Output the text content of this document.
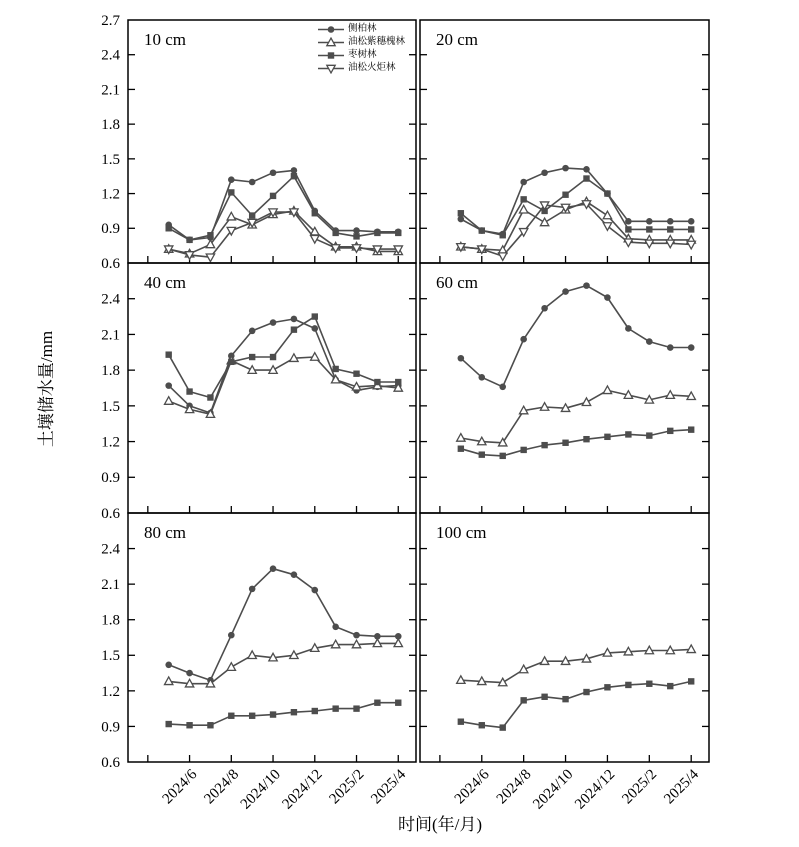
0.6
0.9
1.2
1.5
1.8
2.1
2.4
2.7
10 cm	20 cm
0.6
0.9
1.2
1.5
1.8
2.1
2.4
40 cm	60 cm
0.6
0.9
1.2
1.5
1.8
2.1
2.4
2024/6 2024/8
2024/10
2024/12 2025/2 2025/4
80 cm
2024/6 2024/8
2024/10
2024/12 2025/2 2025/4
100 cm
土壤储水量/mm
时间(年/月)
侧柏林
油松紫穗槐林
枣树林
油松火炬林
